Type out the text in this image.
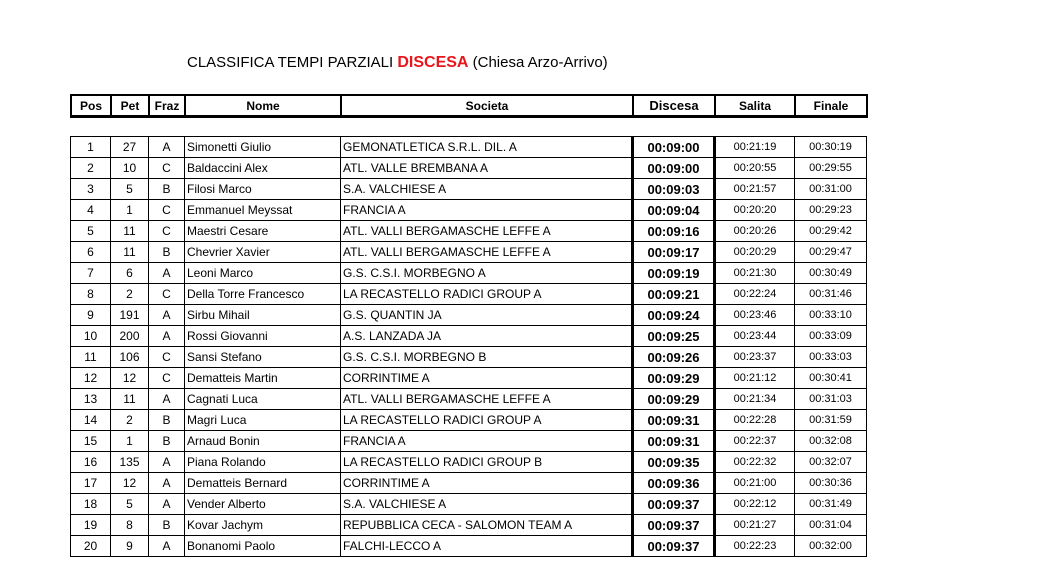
CLASSIFICA TEMPI PARZIALI DISCESA (Chiesa Arzo-Arrivo)
Pos	Pet	Fraz	Nome	Societa	Discesa	Salita	Finale
1	27	A	Simonetti Giulio	GEMONATLETICA S.R.L. DIL. A	00:09:00	00:21:19	00:30:19
2	10	C	Baldaccini Alex	ATL. VALLE BREMBANA A	00:09:00	00:20:55	00:29:55
3	5	B	Filosi Marco	S.A. VALCHIESE A	00:09:03	00:21:57	00:31:00
4	1	C	Emmanuel Meyssat	FRANCIA A	00:09:04	00:20:20	00:29:23
5	11	C	Maestri Cesare	ATL. VALLI BERGAMASCHE LEFFE A	00:09:16	00:20:26	00:29:42
6	11	B	Chevrier Xavier	ATL. VALLI BERGAMASCHE LEFFE A	00:09:17	00:20:29	00:29:47
7	6	A	Leoni Marco	G.S. C.S.I. MORBEGNO A	00:09:19	00:21:30	00:30:49
8	2	C	Della Torre Francesco	LA RECASTELLO RADICI GROUP A	00:09:21	00:22:24	00:31:46
9	191	A	Sirbu Mihail	G.S. QUANTIN JA	00:09:24	00:23:46	00:33:10
10	200	A	Rossi Giovanni	A.S. LANZADA JA	00:09:25	00:23:44	00:33:09
11	106	C	Sansi Stefano	G.S. C.S.I. MORBEGNO B	00:09:26	00:23:37	00:33:03
12	12	C	Dematteis Martin	CORRINTIME A	00:09:29	00:21:12	00:30:41
13	11	A	Cagnati Luca	ATL. VALLI BERGAMASCHE LEFFE A	00:09:29	00:21:34	00:31:03
14	2	B	Magri Luca	LA RECASTELLO RADICI GROUP A	00:09:31	00:22:28	00:31:59
15	1	B	Arnaud Bonin	FRANCIA A	00:09:31	00:22:37	00:32:08
16	135	A	Piana Rolando	LA RECASTELLO RADICI GROUP B	00:09:35	00:22:32	00:32:07
17	12	A	Dematteis Bernard	CORRINTIME A	00:09:36	00:21:00	00:30:36
18	5	A	Vender Alberto	S.A. VALCHIESE A	00:09:37	00:22:12	00:31:49
19	8	B	Kovar Jachym	REPUBBLICA CECA - SALOMON TEAM A	00:09:37	00:21:27	00:31:04
20	9	A	Bonanomi Paolo	FALCHI-LECCO A	00:09:37	00:22:23	00:32:00
